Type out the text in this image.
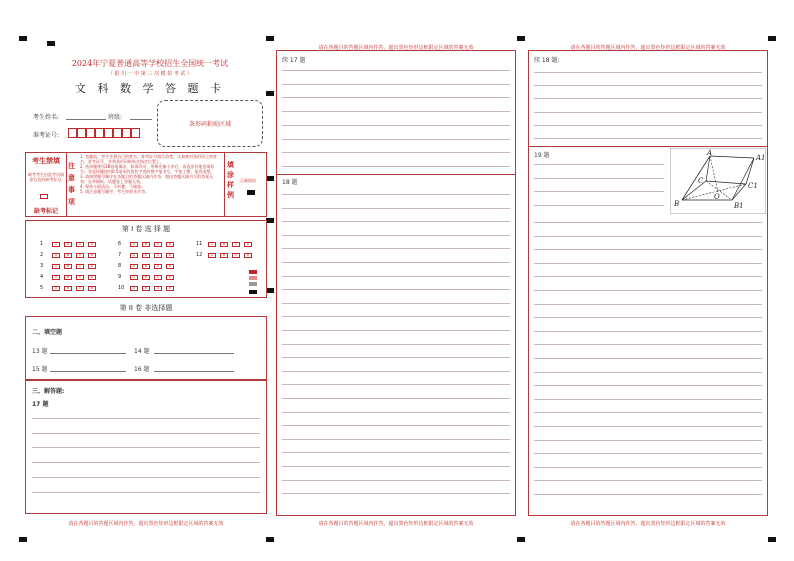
2024年宁夏普通高等学校招生全国统一考试
（ 银 川 一 中 第 三 次 模 拟 考 试 ）
文 科 数 学 答 题 卡
考生姓名:	班级:
准考证号:
条形码粘贴区域
考生禁填
缺考考生由监考员填涂右边的缺考标记.
缺考标记
注意事项
1. 答题前，考生先将自己的姓名、准考证号填写清楚，认真核对条形码上的姓名、准考证号，并将条形码粘贴在指定位置上。
2. 选择题使用2B铅笔填涂，如需改动，用橡皮擦干净后，再选涂其他答案标号；非选择题使用0.5毫米的黑色字迹的签字笔书写，字体工整、笔迹清楚。
3. 请按照题号顺序在各题目的答题区域内作答，超出答题区域书写的答案无效；在草稿纸、试题卷上答题无效。
4. 保持卡面清洁，不折叠，不破损。
5. 请注意题号顺序，考生按要求作答。
填涂样例
正确填涂
第 I 卷 选 择 题
1	A	B	C	D
2	A	B	C	D
3	A	B	C	D
4	A	B	C	D
5	A	B	C	D
6	A	B	C	D
7	A	B	C	D
8	A	B	C	D
9	A	B	C	D
10	A	B	C	D
11	A	B	C	D
12	A	B	C	D
第 II 卷 非选择题
二、填空题
13 题	14 题
15 题	16 题
三、解答题:
17 题
请在各题目的答题区域内作答，超出黑色矩形边框限定区域的答案无效
请在各题目的答题区域内作答，超出黑色矩形边框限定区域的答案无效
续 17 题
18 题
请在各题目的答题区域内作答，超出黑色矩形边框限定区域的答案无效
请在各题目的答题区域内作答，超出黑色矩形边框限定区域的答案无效
续 18 题:
19 题	A
A1
C
C1
O
B	B1
请在各题目的答题区域内作答，超出黑色矩形边框限定区域的答案无效
